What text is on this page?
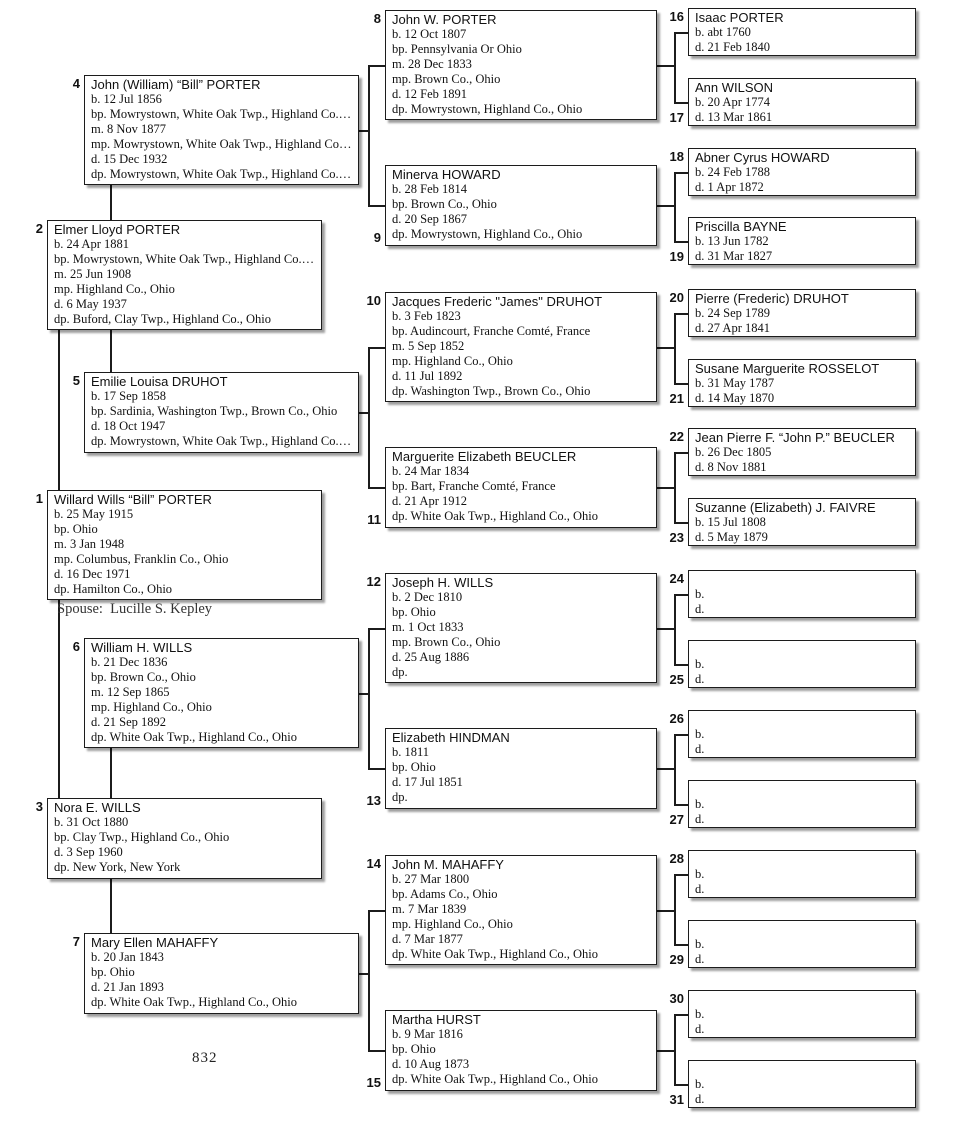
Willard Wills “Bill” PORTER
b. 25 May 1915
bp. Ohio
m. 3 Jan 1948
mp. Columbus, Franklin Co., Ohio
d. 16 Dec 1971
dp. Hamilton Co., Ohio
1
Elmer Lloyd PORTER
b. 24 Apr 1881
bp. Mowrystown, White Oak Twp., Highland Co.…
m. 25 Jun 1908
mp. Highland Co., Ohio
d. 6 May 1937
dp. Buford, Clay Twp., Highland Co., Ohio
2
Nora E. WILLS
b. 31 Oct 1880
bp. Clay Twp., Highland Co., Ohio
d. 3 Sep 1960
dp. New York, New York
3
John (William) “Bill” PORTER
b. 12 Jul 1856
bp. Mowrystown, White Oak Twp., Highland Co.…
m. 8 Nov 1877
mp. Mowrystown, White Oak Twp., Highland Co…
d. 15 Dec 1932
dp. Mowrystown, White Oak Twp., Highland Co.…
4
Emilie Louisa DRUHOT
b. 17 Sep 1858
bp. Sardinia, Washington Twp., Brown Co., Ohio
d. 18 Oct 1947
dp. Mowrystown, White Oak Twp., Highland Co.…
5
William H. WILLS
b. 21 Dec 1836
bp. Brown Co., Ohio
m. 12 Sep 1865
mp. Highland Co., Ohio
d. 21 Sep 1892
dp. White Oak Twp., Highland Co., Ohio
6
Mary Ellen MAHAFFY
b. 20 Jan 1843
bp. Ohio
d. 21 Jan 1893
dp. White Oak Twp., Highland Co., Ohio
7
John W. PORTER
b. 12 Oct 1807
bp. Pennsylvania Or Ohio
m. 28 Dec 1833
mp. Brown Co., Ohio
d. 12 Feb 1891
dp. Mowrystown, Highland Co., Ohio
8
Minerva HOWARD
b. 28 Feb 1814
bp. Brown Co., Ohio
d. 20 Sep 1867
dp. Mowrystown, Highland Co., Ohio
9
Jacques Frederic "James" DRUHOT
b. 3 Feb 1823
bp. Audincourt, Franche Comté, France
m. 5 Sep 1852
mp. Highland Co., Ohio
d. 11 Jul 1892
dp. Washington Twp., Brown Co., Ohio
10
Marguerite Elizabeth BEUCLER
b. 24 Mar 1834
bp. Bart, Franche Comté, France
d. 21 Apr 1912
dp. White Oak Twp., Highland Co., Ohio
11
Joseph H. WILLS
b. 2 Dec 1810
bp. Ohio
m. 1 Oct 1833
mp. Brown Co., Ohio
d. 25 Aug 1886
dp.
12
Elizabeth HINDMAN
b. 1811
bp. Ohio
d. 17 Jul 1851
dp.
13
John M. MAHAFFY
b. 27 Mar 1800
bp. Adams Co., Ohio
m. 7 Mar 1839
mp. Highland Co., Ohio
d. 7 Mar 1877
dp. White Oak Twp., Highland Co., Ohio
14
Martha HURST
b. 9 Mar 1816
bp. Ohio
d. 10 Aug 1873
dp. White Oak Twp., Highland Co., Ohio
15
Isaac PORTER
b. abt 1760
d. 21 Feb 1840
16
Ann WILSON
b. 20 Apr 1774
d. 13 Mar 1861
17
Abner Cyrus HOWARD
b. 24 Feb 1788
d. 1 Apr 1872
18
Priscilla BAYNE
b. 13 Jun 1782
d. 31 Mar 1827
19
Pierre (Frederic) DRUHOT
b. 24 Sep 1789
d. 27 Apr 1841
20
Susane Marguerite ROSSELOT
b. 31 May 1787
d. 14 May 1870
21
Jean Pierre F. “John P.” BEUCLER
b. 26 Dec 1805
d. 8 Nov 1881
22
Suzanne (Elizabeth) J. FAIVRE
b. 15 Jul 1808
d. 5 May 1879
23
b.
d.
24
b.
d.
25
b.
d.
26
b.
d.
27
b.
d.
28
b.
d.
29
b.
d.
30
b.
d.
31
Spouse:  Lucille S. Kepley
832
